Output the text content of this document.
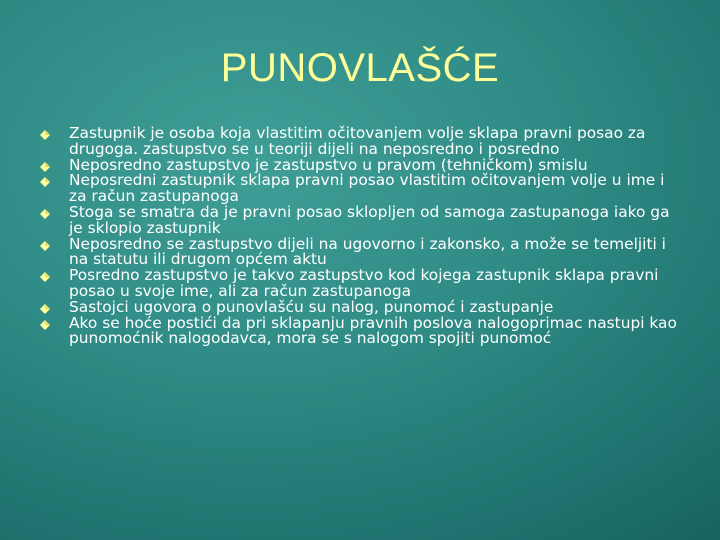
PUNOVLAŠĆE
Zastupnik je osoba koja vlastitim očitovanjem volje sklapa pravni posao za drugoga. zastupstvo se u teoriji dijeli na neposredno i posredno
Neposredno zastupstvo je zastupstvo u pravom (tehničkom) smislu
Neposredni zastupnik sklapa pravni posao vlastitim očitovanjem volje u ime i za račun zastupanoga
Stoga se smatra da je pravni posao sklopljen od samoga zastupanoga iako ga je sklopio zastupnik
Neposredno se zastupstvo dijeli na ugovorno i zakonsko, a može se temeljiti i na statutu ili drugom općem aktu
Posredno zastupstvo je takvo zastupstvo kod kojega zastupnik sklapa pravni posao u svoje ime, ali za račun zastupanoga
Sastojci ugovora o punovlašću su nalog, punomoć i zastupanje
Ako se hoće postići da pri sklapanju pravnih poslova nalogoprimac nastupi kao punomoćnik nalogodavca, mora se s nalogom spojiti punomoć
